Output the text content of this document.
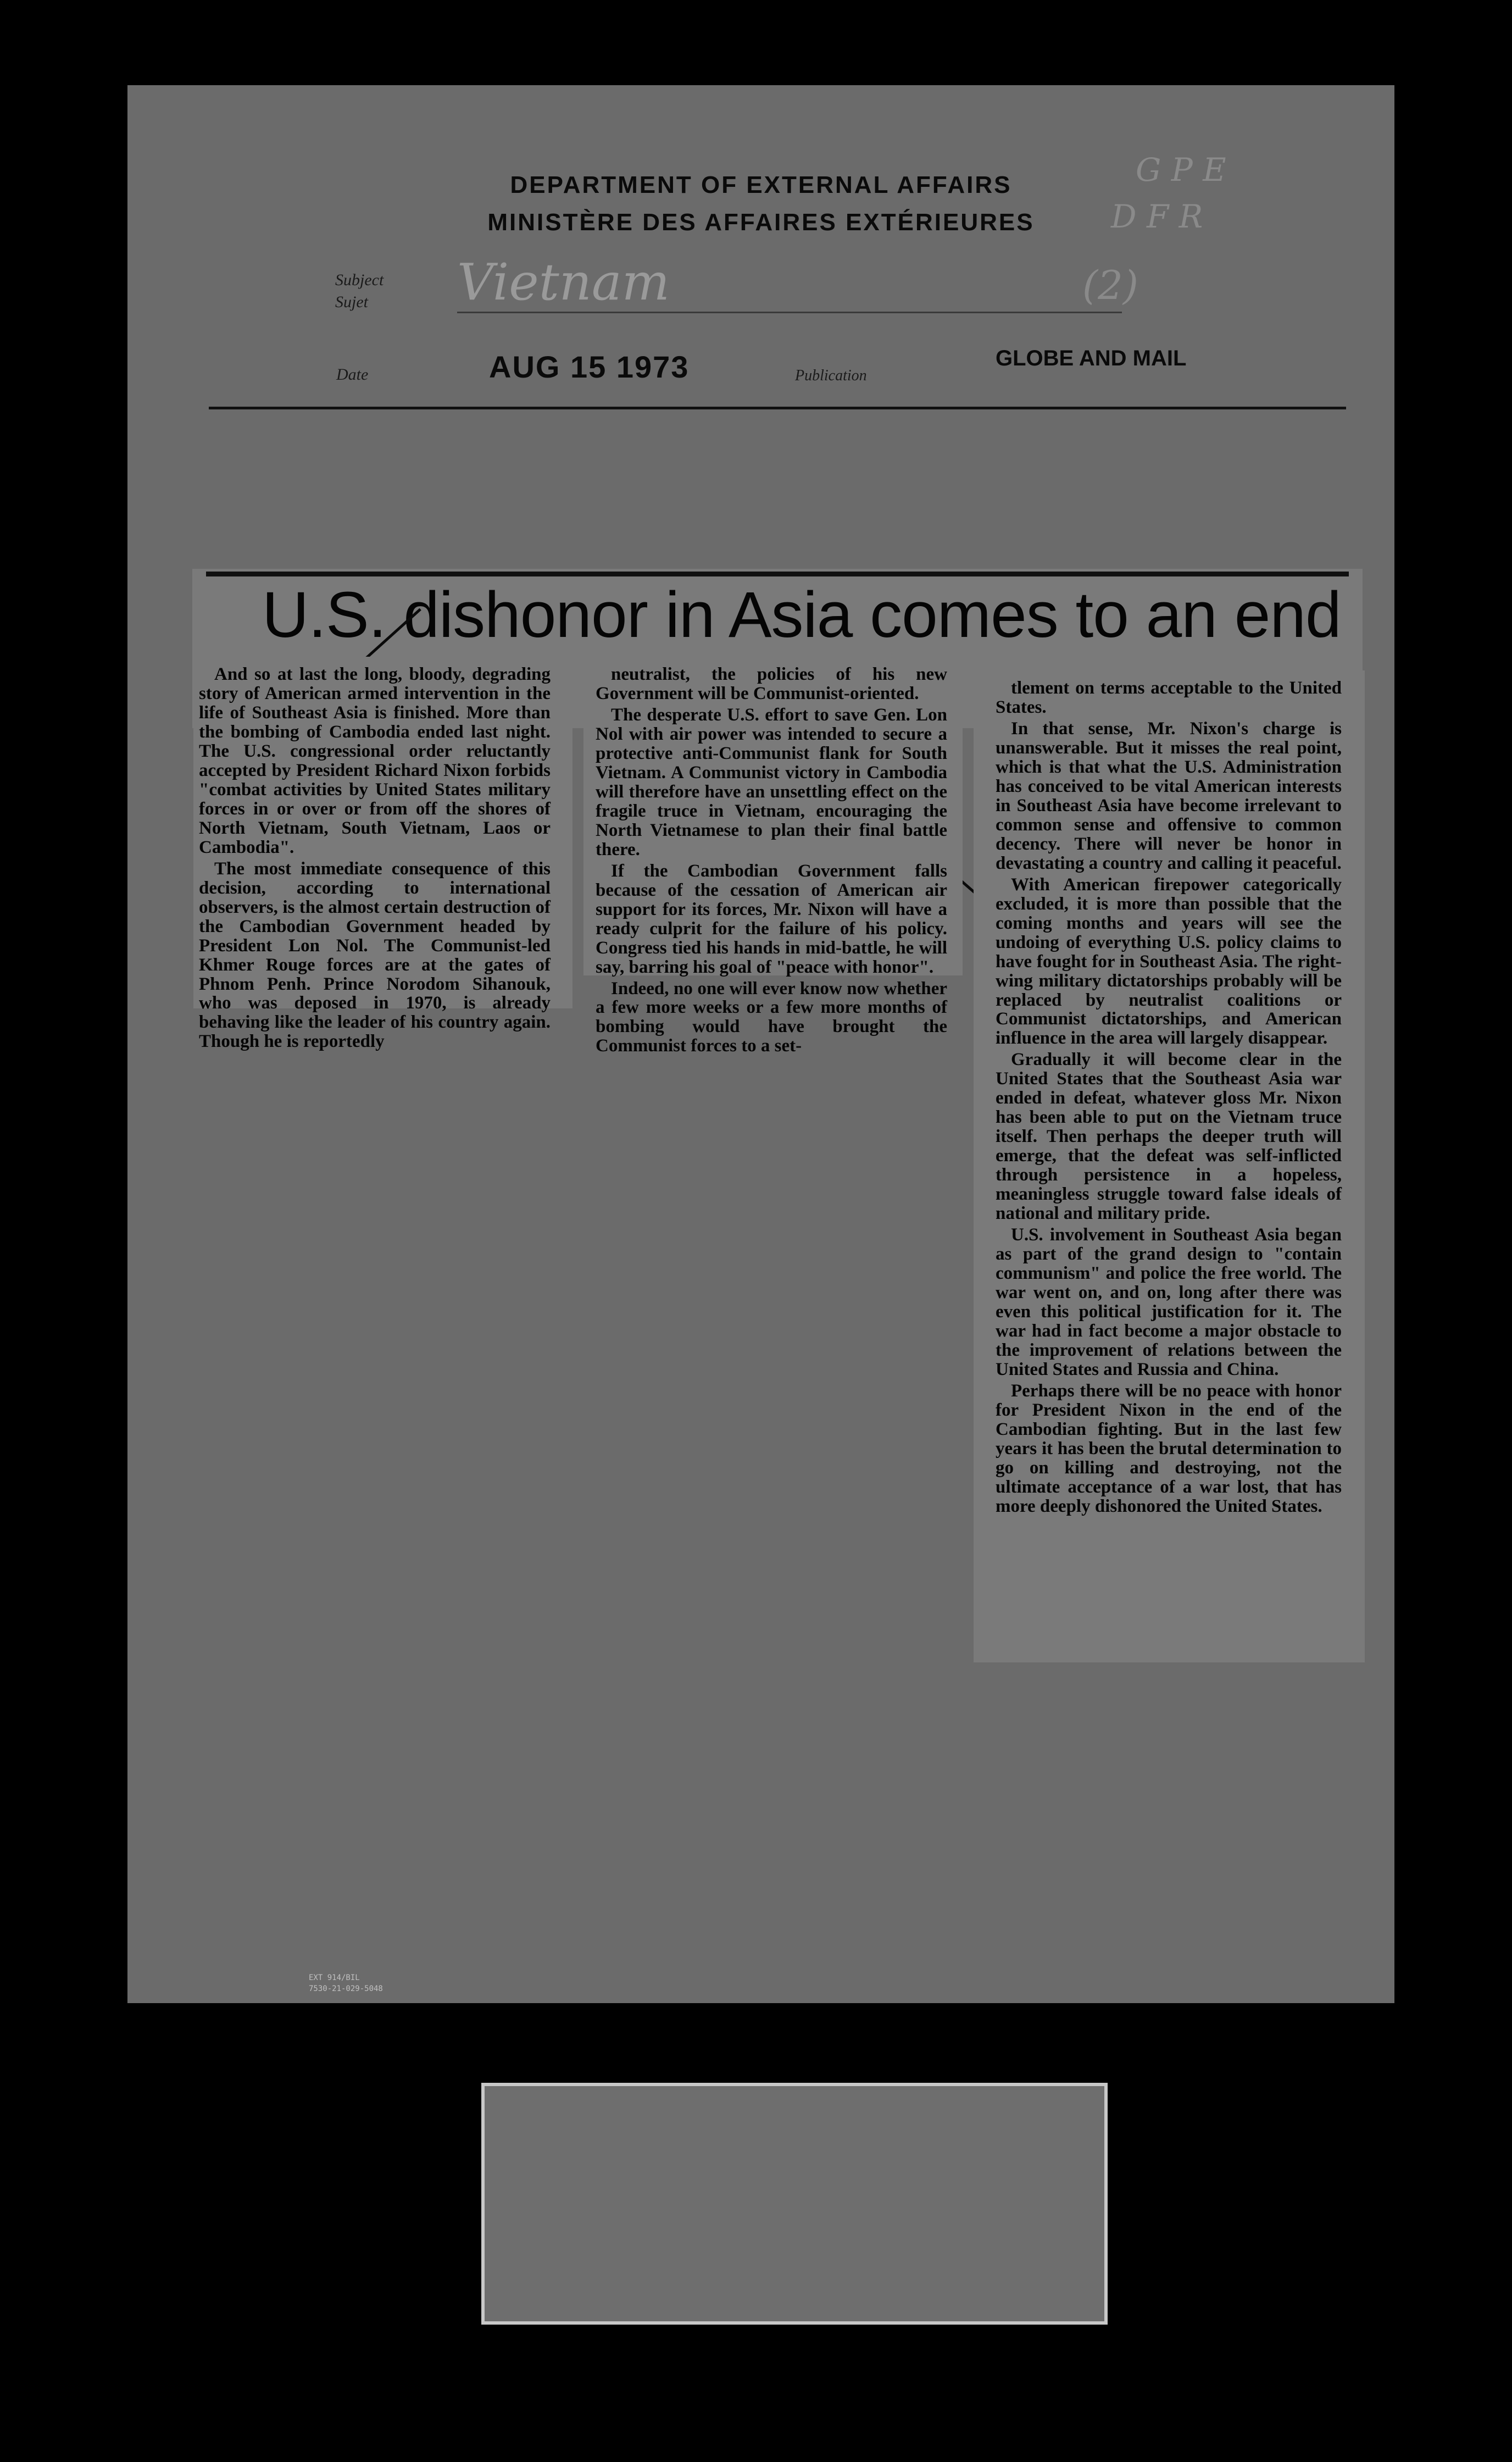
DEPARTMENT OF EXTERNAL AFFAIRS
MINISTÈRE DES AFFAIRES EXTÉRIEURES
G P E
D F R
Subject
Sujet Vietnam	(2)
Date	AUG 15 1973	Publication
GLOBE AND MAIL
U.S. dishonor in Asia comes to an end

And so at last the long, bloody, degrading story of American armed intervention in the life of Southeast Asia is finished. More than the bombing of Cambodia ended last night. The U.S. congressional order reluctantly accepted by President Richard Nixon forbids "combat activities by United States military forces in or over or from off the shores of North Vietnam, South Vietnam, Laos or Cambodia".

The most immediate consequence of this decision, according to international observers, is the almost certain destruction of the Cambodian Government headed by President Lon Nol. The Communist-led Khmer Rouge forces are at the gates of Phnom Penh. Prince Norodom Sihanouk, who was deposed in 1970, is already behaving like the leader of his country again. Though he is reportedly

neutralist, the policies of his new Government will be Communist-oriented.

The desperate U.S. effort to save Gen. Lon Nol with air power was intended to secure a protective anti-Communist flank for South Vietnam. A Communist victory in Cambodia will therefore have an unsettling effect on the fragile truce in Vietnam, encouraging the North Vietnamese to plan their final battle there.

If the Cambodian Government falls because of the cessation of American air support for its forces, Mr. Nixon will have a ready culprit for the failure of his policy. Congress tied his hands in mid-battle, he will say, barring his goal of "peace with honor".

Indeed, no one will ever know now whether a few more weeks or a few more months of bombing would have brought the Communist forces to a set-

tlement on terms acceptable to the United States.

In that sense, Mr. Nixon's charge is unanswerable. But it misses the real point, which is that what the U.S. Administration has conceived to be vital American interests in Southeast Asia have become irrelevant to common sense and offensive to common decency. There will never be honor in devastating a country and calling it peaceful.

With American firepower categorically excluded, it is more than possible that the coming months and years will see the undoing of everything U.S. policy claims to have fought for in Southeast Asia. The right-wing military dictatorships probably will be replaced by neutralist coalitions or Communist dictatorships, and American influence in the area will largely disappear.

Gradually it will become clear in the United States that the Southeast Asia war ended in defeat, whatever gloss Mr. Nixon has been able to put on the Vietnam truce itself. Then perhaps the deeper truth will emerge, that the defeat was self-inflicted through persistence in a hopeless, meaningless struggle toward false ideals of national and military pride.

U.S. involvement in Southeast Asia began as part of the grand design to "contain communism" and police the free world. The war went on, and on, long after there was even this political justification for it. The war had in fact become a major obstacle to the improvement of relations between the United States and Russia and China.

Perhaps there will be no peace with honor for President Nixon in the end of the Cambodian fighting. But in the last few years it has been the brutal determination to go on killing and destroying, not the ultimate acceptance of a war lost, that has more deeply dishonored the United States.

EXT 914/BIL
7530-21-029-5048
